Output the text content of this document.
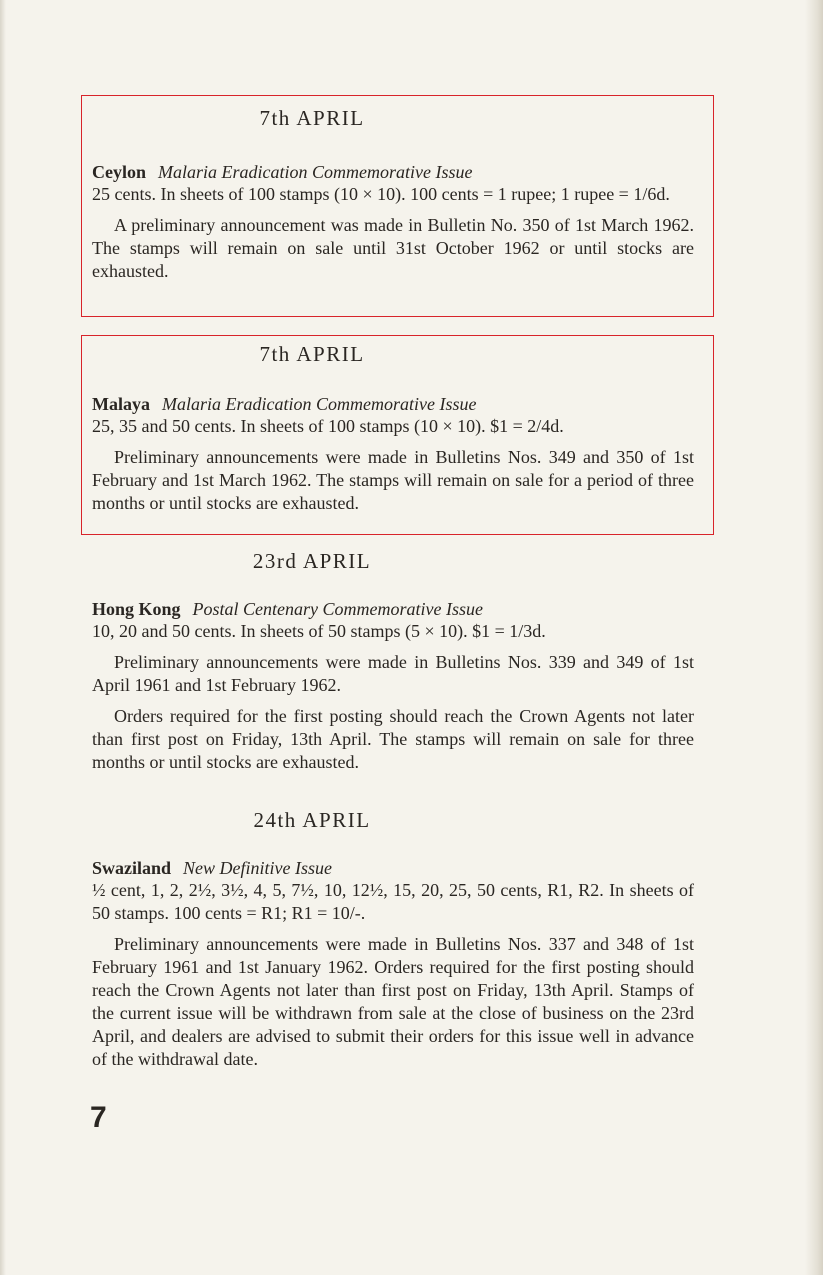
7th APRIL

Ceylon Malaria Eradication Commemorative Issue

25 cents. In sheets of 100 stamps (10 × 10). 100 cents = 1 rupee; 1 rupee = 1/6d.

A preliminary announcement was made in Bulletin No. 350 of 1st March 1962. The stamps will remain on sale until 31st October 1962 or until stocks are exhausted.

7th APRIL

Malaya Malaria Eradication Commemorative Issue

25, 35 and 50 cents. In sheets of 100 stamps (10 × 10). $1 = 2/4d.

Preliminary announcements were made in Bulletins Nos. 349 and 350 of 1st February and 1st March 1962. The stamps will remain on sale for a period of three months or until stocks are exhausted.

23rd APRIL

Hong Kong Postal Centenary Commemorative Issue

10, 20 and 50 cents. In sheets of 50 stamps (5 × 10). $1 = 1/3d.

Preliminary announcements were made in Bulletins Nos. 339 and 349 of 1st April 1961 and 1st February 1962.

Orders required for the first posting should reach the Crown Agents not later than first post on Friday, 13th April. The stamps will remain on sale for three months or until stocks are exhausted.

24th APRIL

Swaziland New Definitive Issue

½ cent, 1, 2, 2½, 3½, 4, 5, 7½, 10, 12½, 15, 20, 25, 50 cents, R1, R2. In sheets of 50 stamps. 100 cents = R1; R1 = 10/-.

Preliminary announcements were made in Bulletins Nos. 337 and 348 of 1st February 1961 and 1st January 1962. Orders required for the first posting should reach the Crown Agents not later than first post on Friday, 13th April. Stamps of the current issue will be withdrawn from sale at the close of business on the 23rd April, and dealers are advised to submit their orders for this issue well in advance of the withdrawal date.

7
